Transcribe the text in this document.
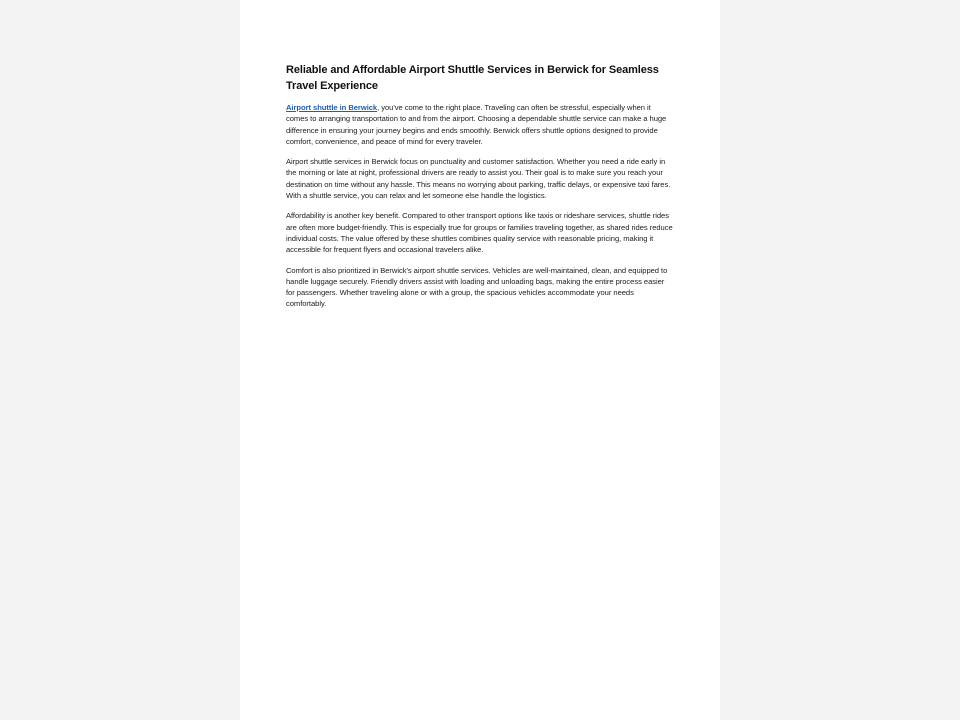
Reliable and Affordable Airport Shuttle Services in Berwick for Seamless Travel Experience

Airport shuttle in Berwick, you've come to the right place. Traveling can often be stressful, especially when it comes to arranging transportation to and from the airport. Choosing a dependable shuttle service can make a huge difference in ensuring your journey begins and ends smoothly. Berwick offers shuttle options designed to provide comfort, convenience, and peace of mind for every traveler.

Airport shuttle services in Berwick focus on punctuality and customer satisfaction. Whether you need a ride early in the morning or late at night, professional drivers are ready to assist you. Their goal is to make sure you reach your destination on time without any hassle. This means no worrying about parking, traffic delays, or expensive taxi fares. With a shuttle service, you can relax and let someone else handle the logistics.

Affordability is another key benefit. Compared to other transport options like taxis or rideshare services, shuttle rides are often more budget-friendly. This is especially true for groups or families traveling together, as shared rides reduce individual costs. The value offered by these shuttles combines quality service with reasonable pricing, making it accessible for frequent flyers and occasional travelers alike.

Comfort is also prioritized in Berwick's airport shuttle services. Vehicles are well-maintained, clean, and equipped to handle luggage securely. Friendly drivers assist with loading and unloading bags, making the entire process easier for passengers. Whether traveling alone or with a group, the spacious vehicles accommodate your needs comfortably.
